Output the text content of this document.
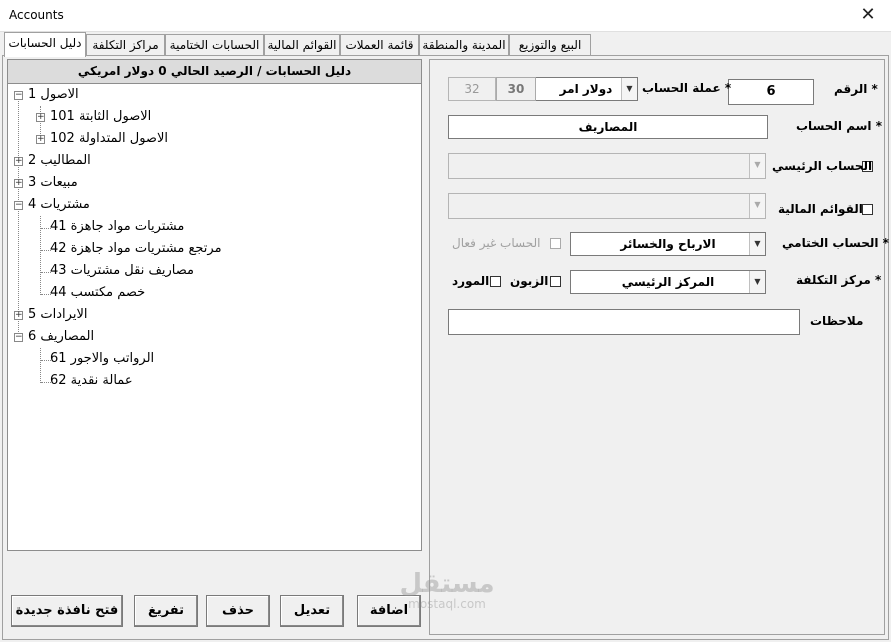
Accounts	✕
دليل الحسابات مراكز التكلفة الحسابات الختامية القوائم المالية قائمة العملات المدينة والمنطقة	البيع والتوزيع
دليل الحسابات / الرصيد الحالي 0 دولار امريكي
− الاصول 1
+ الاصول الثابتة 101
+ الاصول المتداولة 102
+ المطاليب 2
+ مبيعات 3
− مشتريات 4
مشتريات مواد جاهزة 41
مرتجع مشتريات مواد جاهزة 42
مصاريف نقل مشتريات 43
خصم مكتسب 44
+ الايرادات 5
− المصاريف 6
الرواتب والاجور 61
عمالة نقدية 62
* الرقم
6
* عملة الحساب
دولار امر	▼
30
32
* اسم الحساب
المصاريف
الحساب الرئيسي
▼
القوائم المالية
▼
* الحساب الختامي
الارباح والخسائر	▼
الحساب غير فعال
* مركز التكلفة
المركز الرئيسي	▼
الزبون
المورد
ملاحظات
اضافة
تعديل
حذف
تفريغ
فتح نافذة جديدة
مستقل
mostaql.com
